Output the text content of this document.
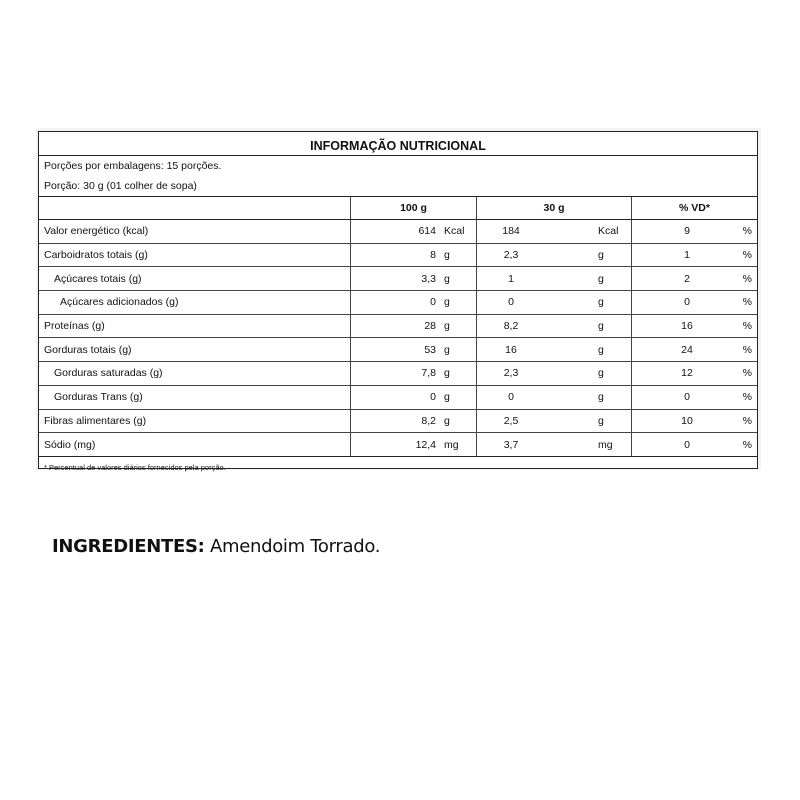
INFORMAÇÃO NUTRICIONAL
Porções por embalagens: 15 porções.
Porção: 30 g (01 colher de sopa)
	100 g	30 g	% VD*
Valor energético (kcal)	614 Kcal	184 Kcal	9 %

Carboidratos totais (g)	8 g	2,3 g	1 %

Açúcares totais (g)	3,3 g	1 g	2 %

Açúcares adicionados (g)	0 g	0 g	0 %

Proteínas (g)	28 g	8,2 g	16 %

Gorduras totais (g)	53 g	16 g	24 %

Gorduras saturadas (g)	7,8 g	2,3 g	12 %

Gorduras Trans (g)	0 g	0 g	0 %

Fibras alimentares (g)	8,2 g	2,5 g	10 %

Sódio (mg)	12,4 mg	3,7 mg	0 %
* Percentual de valores diários fornecidos pela porção.
INGREDIENTES: Amendoim Torrado.
